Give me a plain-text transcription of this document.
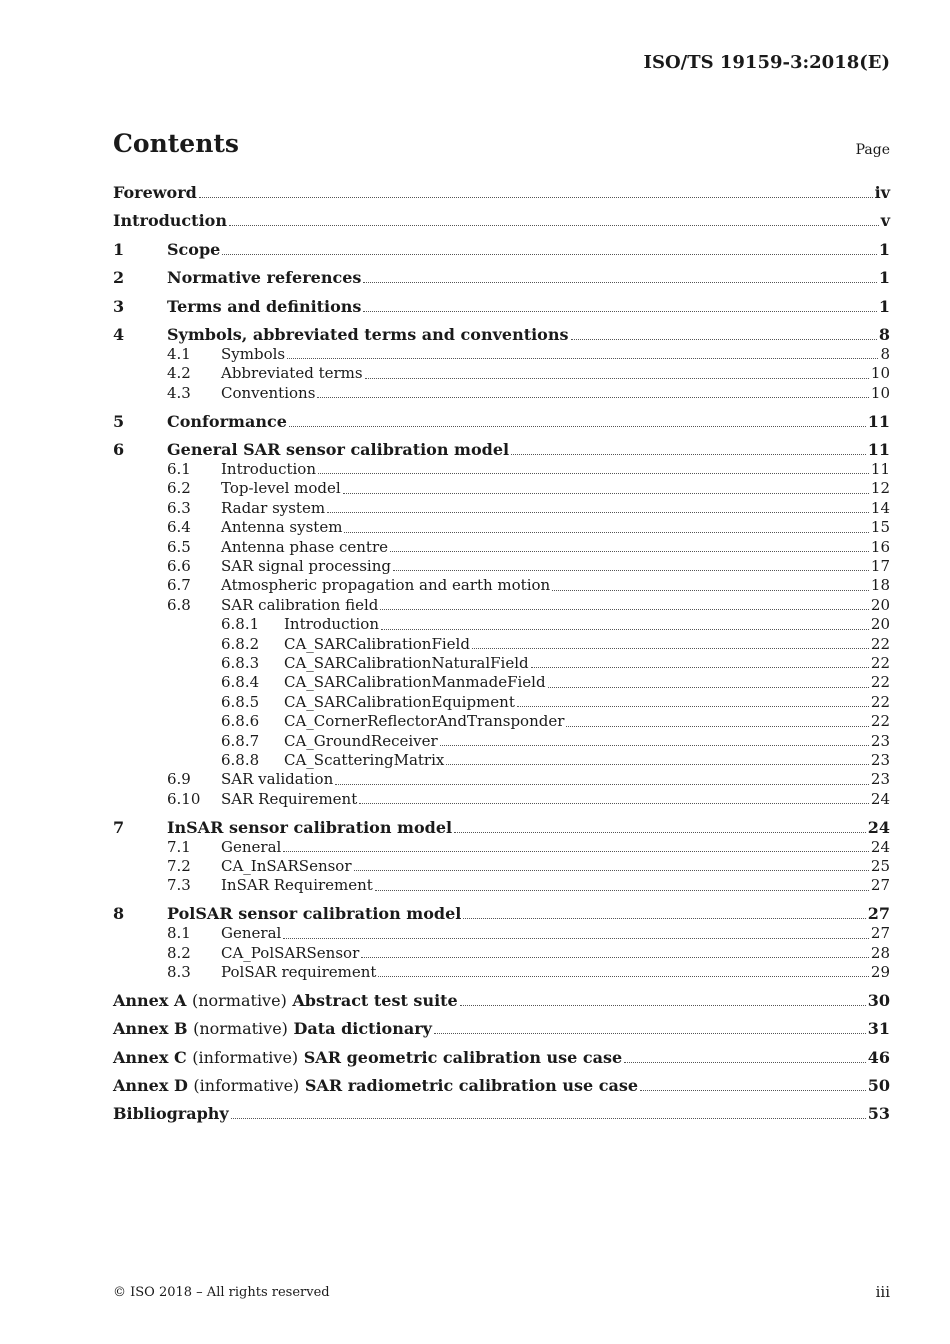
ISO/TS 19159-3:2018(E)
Contents	Page
Foreword	iv
Introduction	v
1	Scope	1
2	Normative references	1
3	Terms and definitions	1
4	Symbols, abbreviated terms and conventions	8
4.1	Symbols	8
4.2	Abbreviated terms	10
4.3	Conventions	10
5	Conformance	11
6	General SAR sensor calibration model	11
6.1	Introduction	11
6.2	Top-level model	12
6.3	Radar system	14
6.4	Antenna system	15
6.5	Antenna phase centre	16
6.6	SAR signal processing	17
6.7	Atmospheric propagation and earth motion	18
6.8	SAR calibration field	20
6.8.1	Introduction	20
6.8.2	CA_SARCalibrationField	22
6.8.3	CA_SARCalibrationNaturalField	22
6.8.4	CA_SARCalibrationManmadeField	22
6.8.5	CA_SARCalibrationEquipment	22
6.8.6	CA_CornerReflectorAndTransponder	22
6.8.7	CA_GroundReceiver	23
6.8.8	CA_ScatteringMatrix	23
6.9	SAR validation	23
6.10	SAR Requirement	24
7	InSAR sensor calibration model	24
7.1	General	24
7.2	CA_InSARSensor	25
7.3	InSAR Requirement	27
8	PolSAR sensor calibration model	27
8.1	General	27
8.2	CA_PolSARSensor	28
8.3	PolSAR requirement	29
Annex A (normative) Abstract test suite	30
Annex B (normative) Data dictionary	31
Annex C (informative) SAR geometric calibration use case	46
Annex D (informative) SAR radiometric calibration use case	50
Bibliography	53
© ISO 2018 – All rights reserved	iii
